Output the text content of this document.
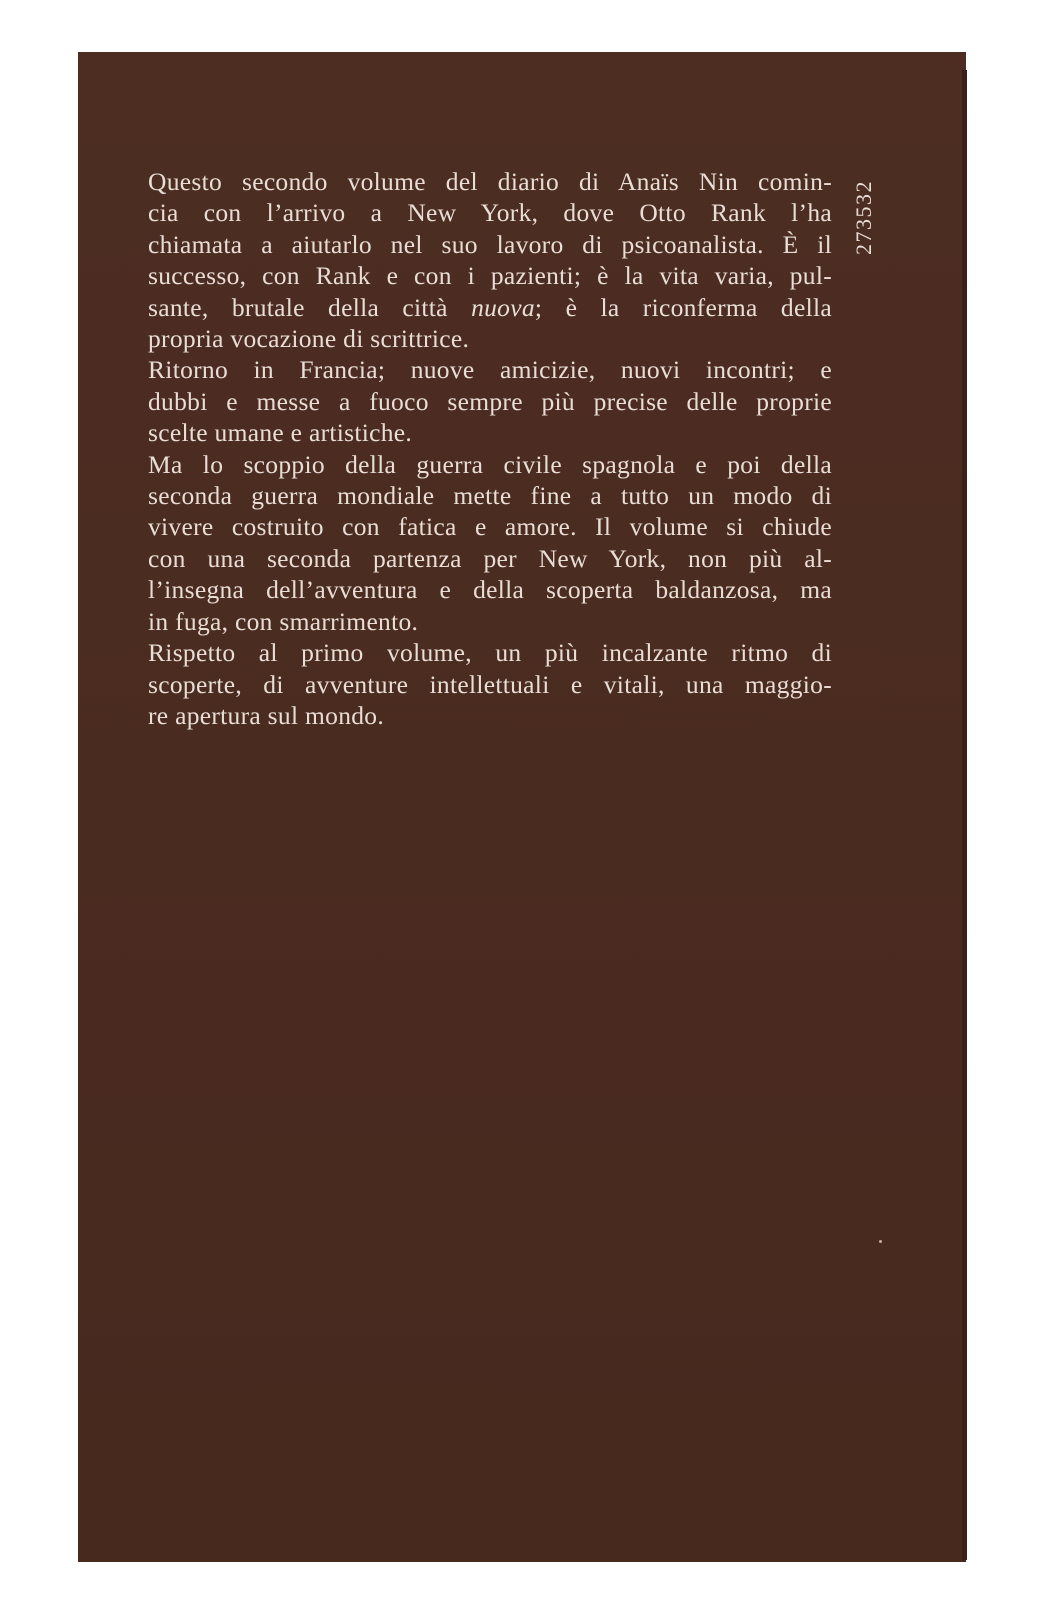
273532

Questo secondo volume del diario di Anaïs Nin comin-
cia con l’arrivo a New York, dove Otto Rank l’ha
chiamata a aiutarlo nel suo lavoro di psicoanalista. È il
successo, con Rank e con i pazienti; è la vita varia, pul-
sante, brutale della città nuova; è la riconferma della
propria vocazione di scrittrice.

Ritorno in Francia; nuove amicizie, nuovi incontri; e
dubbi e messe a fuoco sempre più precise delle proprie
scelte umane e artistiche.

Ma lo scoppio della guerra civile spagnola e poi della
seconda guerra mondiale mette fine a tutto un modo di
vivere costruito con fatica e amore. Il volume si chiude
con una seconda partenza per New York, non più al-
l’insegna dell’avventura e della scoperta baldanzosa, ma
in fuga, con smarrimento.

Rispetto al primo volume, un più incalzante ritmo di
scoperte, di avventure intellettuali e vitali, una maggio-
re apertura sul mondo.
